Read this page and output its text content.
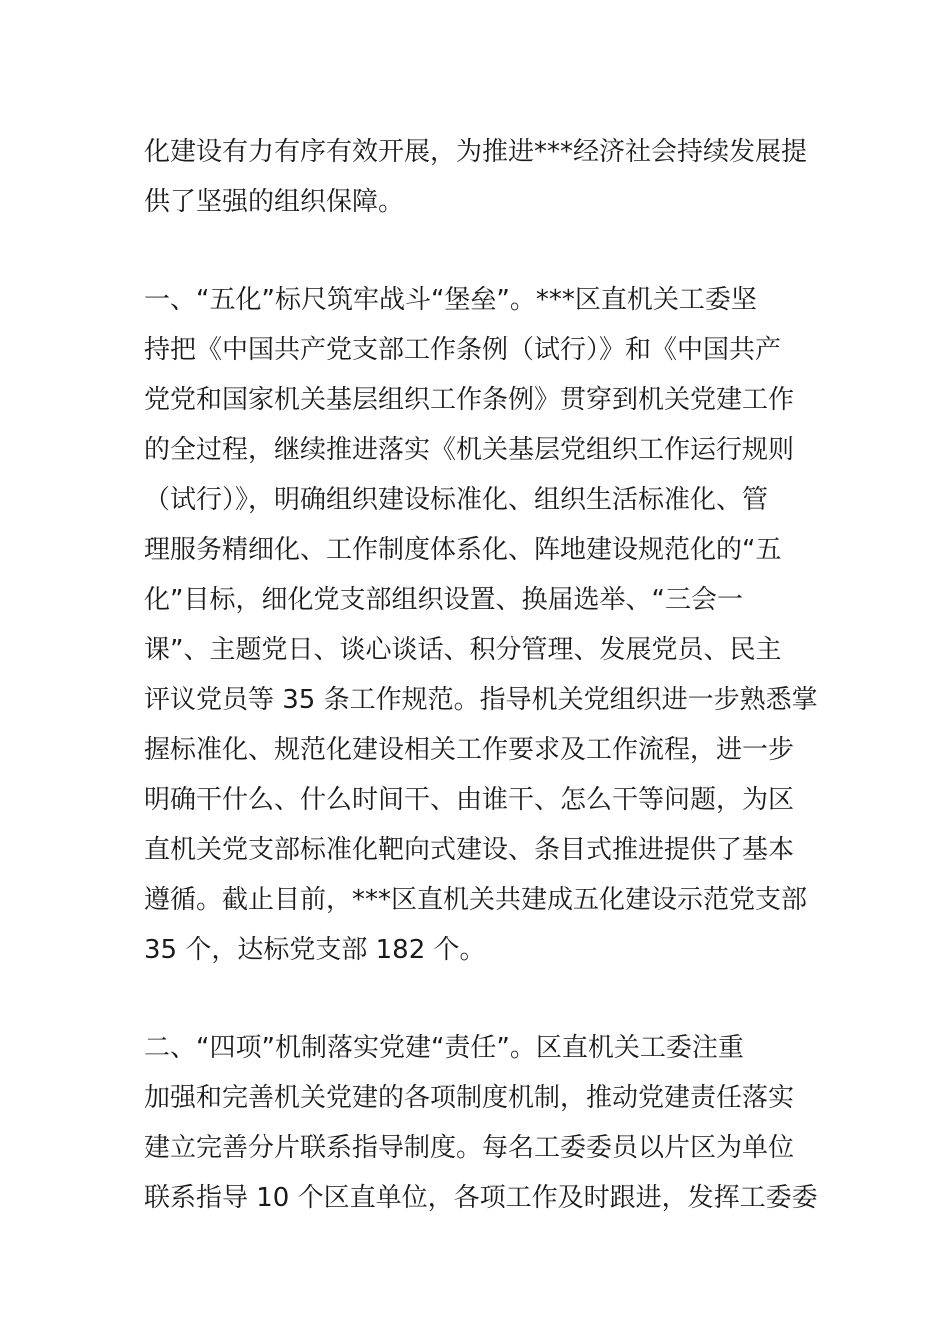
化建设有力有序有效开展，为推进***经济社会持续发展提
供了坚强的组织保障。
一、“五化”标尺筑牢战斗“堡垒”。***区直机关工委坚
持把《中国共产党支部工作条例（试行）》和《中国共产
党党和国家机关基层组织工作条例》贯穿到机关党建工作
的全过程，继续推进落实《机关基层党组织工作运行规则
（试行）》，明确组织建设标准化、组织生活标准化、管
理服务精细化、工作制度体系化、阵地建设规范化的“五
化”目标，细化党支部组织设置、换届选举、“三会一
课”、主题党日、谈心谈话、积分管理、发展党员、民主
评议党员等 35 条工作规范。指导机关党组织进一步熟悉掌
握标准化、规范化建设相关工作要求及工作流程，进一步
明确干什么、什么时间干、由谁干、怎么干等问题，为区
直机关党支部标准化靶向式建设、条目式推进提供了基本
遵循。截止目前，***区直机关共建成五化建设示范党支部
35 个，达标党支部 182 个。
二、“四项”机制落实党建“责任”。区直机关工委注重
加强和完善机关党建的各项制度机制，推动党建责任落实
建立完善分片联系指导制度。每名工委委员以片区为单位
联系指导 10 个区直单位，各项工作及时跟进，发挥工委委
